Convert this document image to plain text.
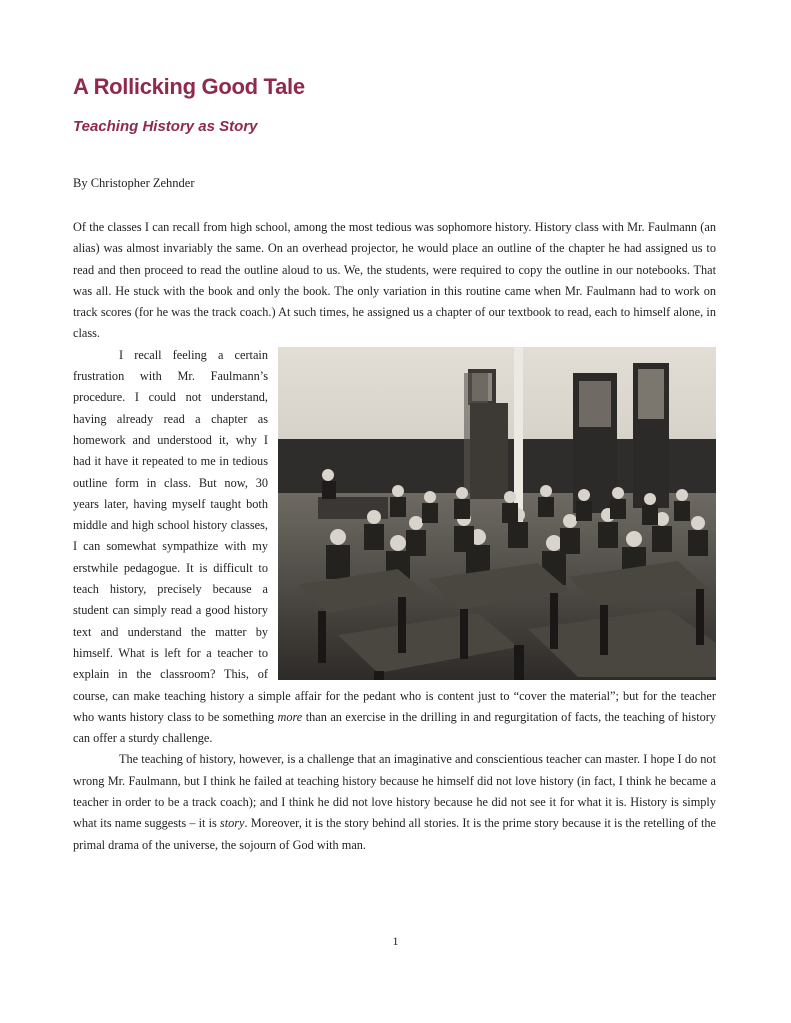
A Rollicking Good Tale
Teaching History as Story

By Christopher Zehnder

Of the classes I can recall from high school, among the most tedious was sophomore history. History class with Mr. Faulmann (an alias) was almost invariably the same. On an overhead projector, he would place an outline of the chapter he had assigned us to read and then proceed to read the outline aloud to us. We, the students, were required to copy the outline in our notebooks. That was all. He stuck with the book and only the book. The only variation in this routine came when Mr. Faulmann had to work on track scores (for he was the track coach.) At such times, he assigned us a chapter of our textbook to read, each to himself alone, in class.

I recall feeling a certain frustration with Mr. Faulmann’s procedure. I could not understand, having already read a chapter as homework and understood it, why I had it have it repeated to me in tedious outline form in class. But now, 30 years later, having myself taught both middle and high school history classes, I can somewhat sympathize with my erstwhile pedagogue. It is difficult to teach history, precisely because a student can simply read a good history text and understand the matter by himself. What is left for a teacher to explain in the classroom? This, of course, can make teaching history a simple affair for the pedant who is content just to “cover the material”; but for the teacher who wants history class to be something more than an exercise in the drilling in and regurgitation of facts, the teaching of history can offer a sturdy challenge.

The teaching of history, however, is a challenge that an imaginative and conscientious teacher can master. I hope I do not wrong Mr. Faulmann, but I think he failed at teaching history because he himself did not love history (in fact, I think he became a teacher in order to be a track coach); and I think he did not love history because he did not see it for what it is. History is simply what its name suggests – it is story. Moreover, it is the story behind all stories. It is the prime story because it is the retelling of the primal drama of the universe, the sojourn of God with man.

1
